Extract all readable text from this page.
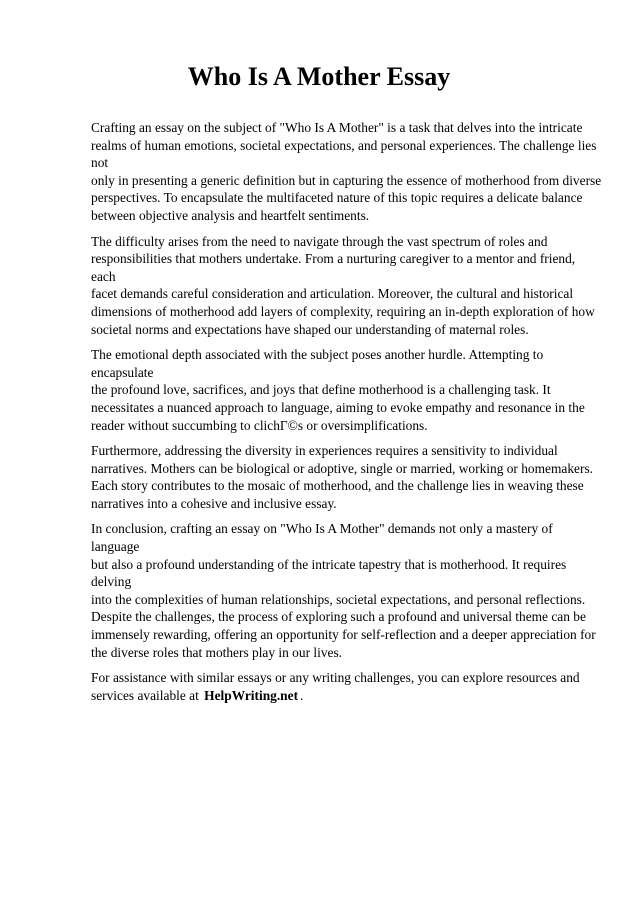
Who Is A Mother Essay

Crafting an essay on the subject of "Who Is A Mother" is a task that delves into the intricate
realms of human emotions, societal expectations, and personal experiences. The challenge lies not
only in presenting a generic definition but in capturing the essence of motherhood from diverse
perspectives. To encapsulate the multifaceted nature of this topic requires a delicate balance
between objective analysis and heartfelt sentiments.

The difficulty arises from the need to navigate through the vast spectrum of roles and
responsibilities that mothers undertake. From a nurturing caregiver to a mentor and friend, each
facet demands careful consideration and articulation. Moreover, the cultural and historical
dimensions of motherhood add layers of complexity, requiring an in-depth exploration of how
societal norms and expectations have shaped our understanding of maternal roles.

The emotional depth associated with the subject poses another hurdle. Attempting to encapsulate
the profound love, sacrifices, and joys that define motherhood is a challenging task. It
necessitates a nuanced approach to language, aiming to evoke empathy and resonance in the
reader without succumbing to clichГ©s or oversimplifications.

Furthermore, addressing the diversity in experiences requires a sensitivity to individual
narratives. Mothers can be biological or adoptive, single or married, working or homemakers.
Each story contributes to the mosaic of motherhood, and the challenge lies in weaving these
narratives into a cohesive and inclusive essay.

In conclusion, crafting an essay on "Who Is A Mother" demands not only a mastery of language
but also a profound understanding of the intricate tapestry that is motherhood. It requires delving
into the complexities of human relationships, societal expectations, and personal reflections.
Despite the challenges, the process of exploring such a profound and universal theme can be
immensely rewarding, offering an opportunity for self-reflection and a deeper appreciation for
the diverse roles that mothers play in our lives.

For assistance with similar essays or any writing challenges, you can explore resources and
services available at HelpWriting.net .
